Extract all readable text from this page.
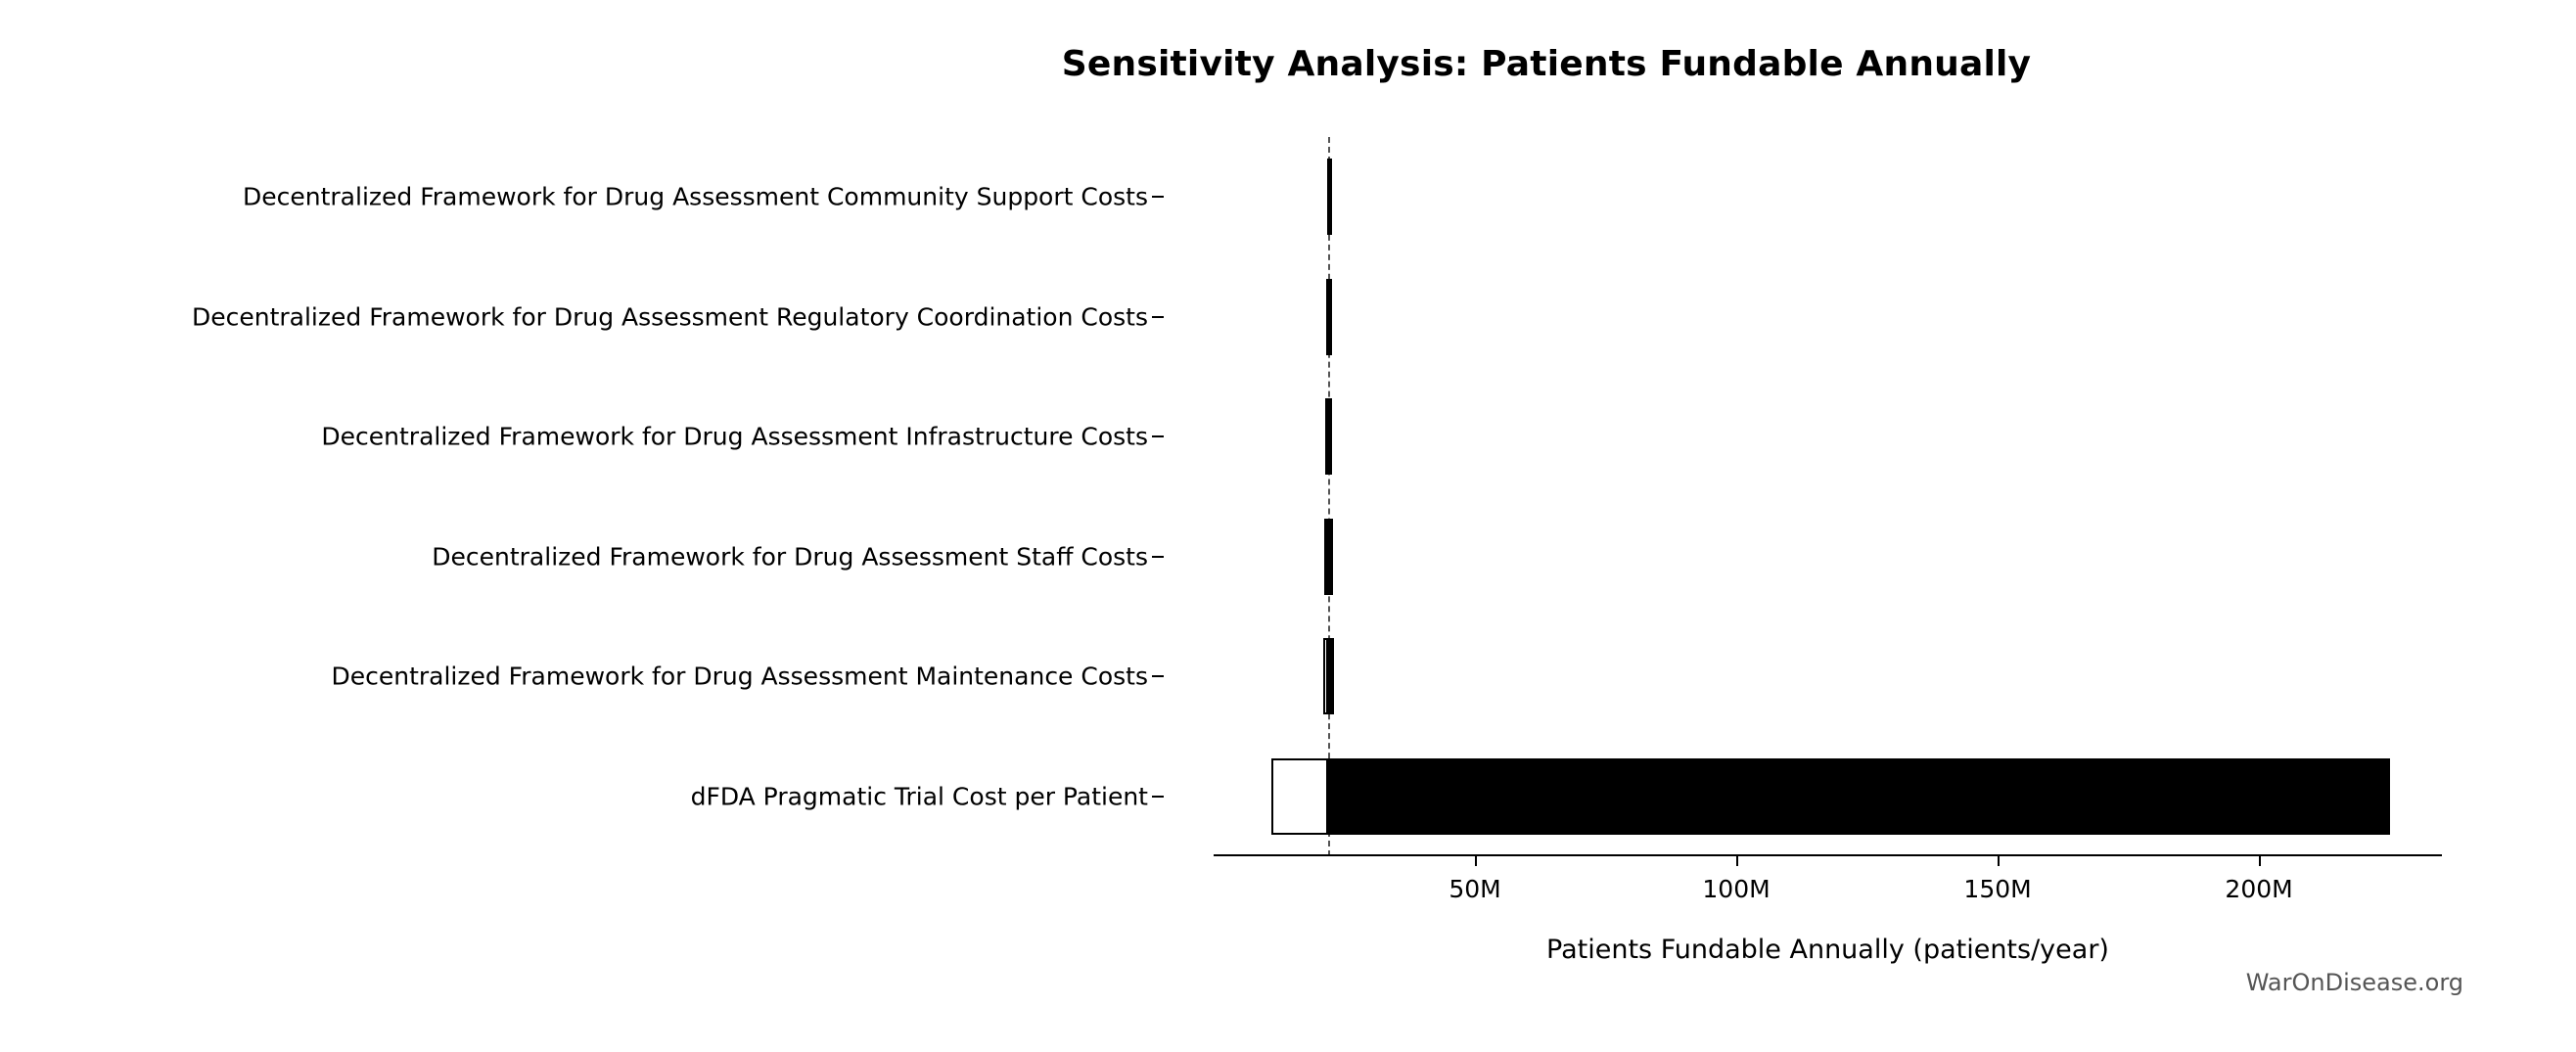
Sensitivity Analysis: Patients Fundable Annually
Decentralized Framework for Drug Assessment Community Support Costs
Decentralized Framework for Drug Assessment Regulatory Coordination Costs
Decentralized Framework for Drug Assessment Infrastructure Costs
Decentralized Framework for Drug Assessment Staff Costs
Decentralized Framework for Drug Assessment Maintenance Costs
dFDA Pragmatic Trial Cost per Patient
50M	100M	150M	200M
Patients Fundable Annually (patients/year)
WarOnDisease.org
